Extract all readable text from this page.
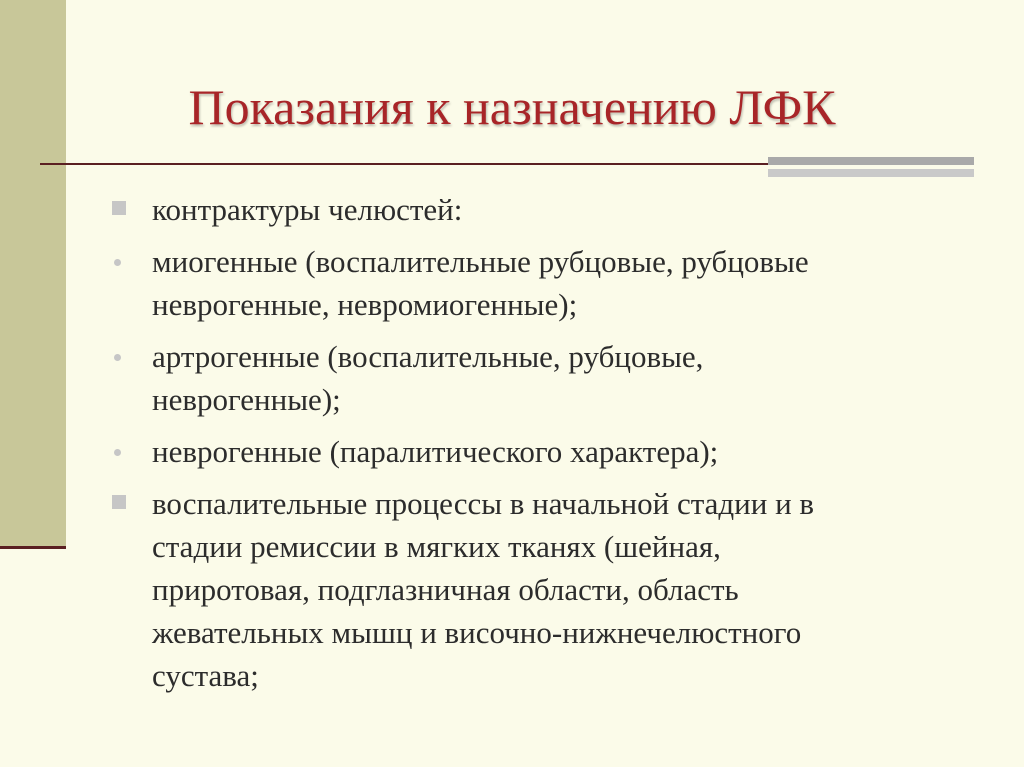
Показания к назначению ЛФК
контрактуры челюстей:
миогенные (воспалительные рубцовые, рубцовые
неврогенные, невромиогенные);
артрогенные (воспалительные, рубцовые,
неврогенные);
неврогенные (паралитического характера);
воспалительные процессы в начальной стадии и в
стадии ремиссии в мягких тканях (шейная,
приротовая, подглазничная области, область
жевательных мышц и височно-нижнечелюстного
сустава;
